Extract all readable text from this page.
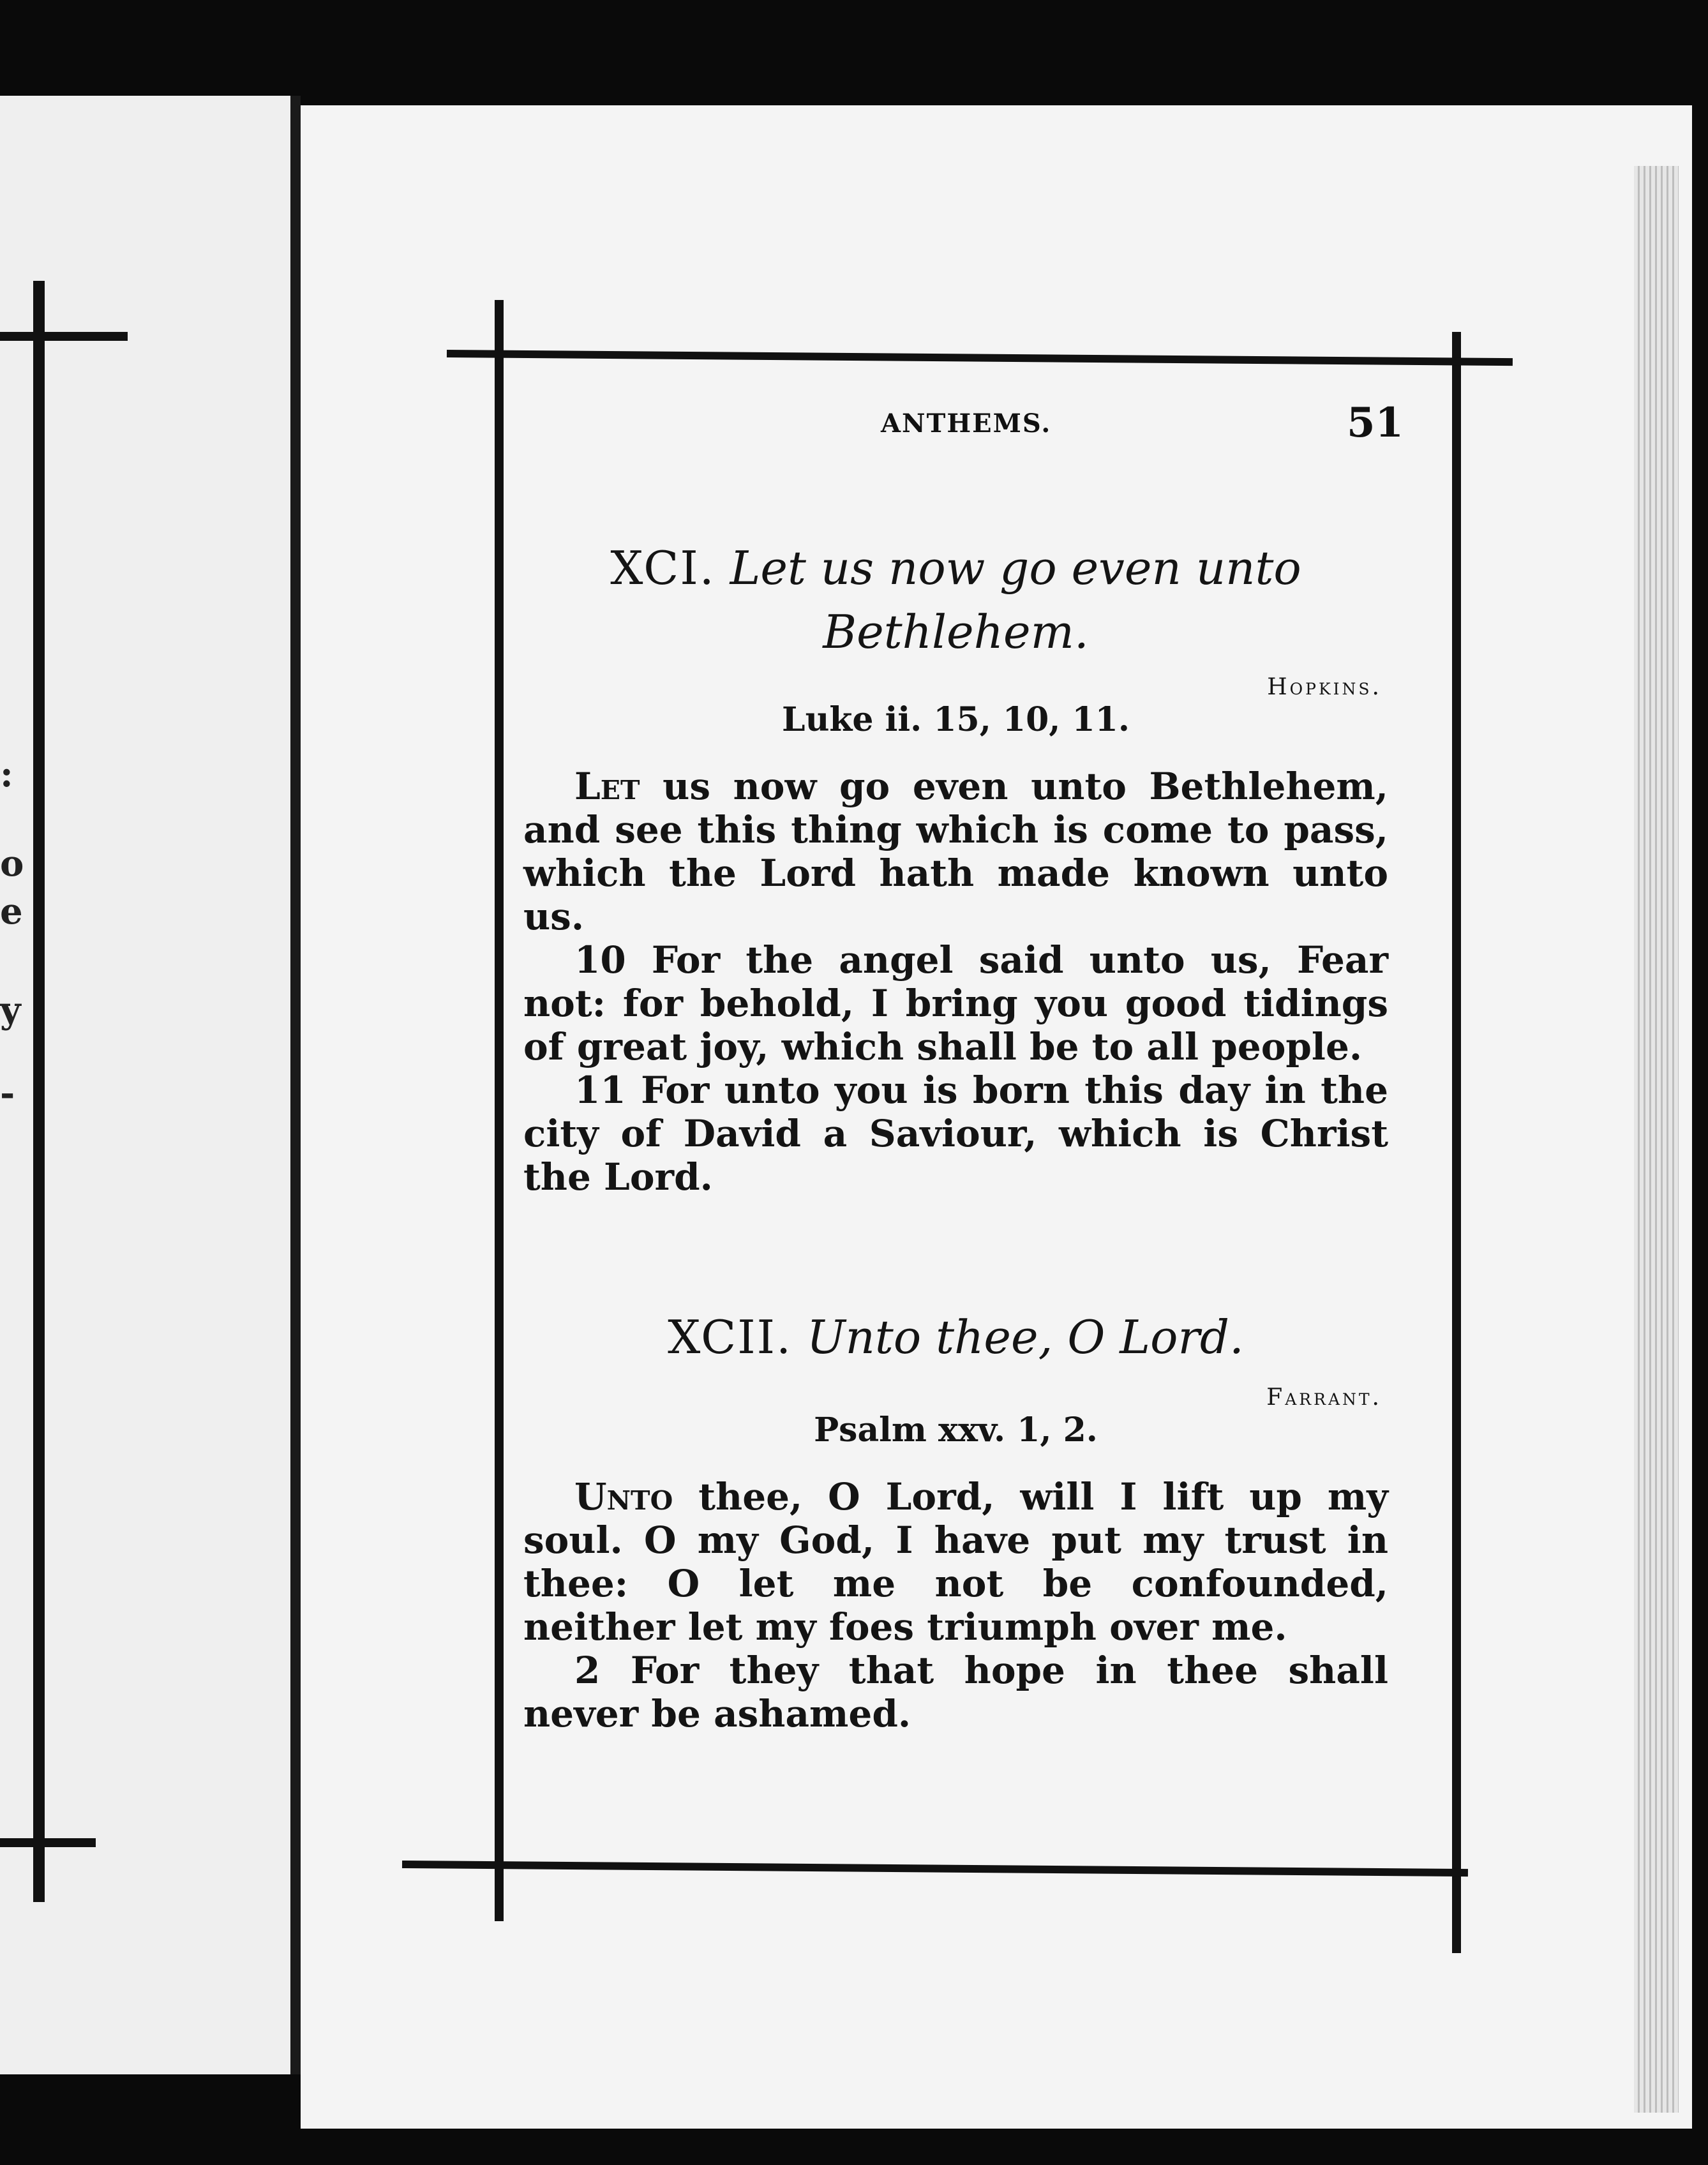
:
o
e
y
-
ANTHEMS.	51
XCI. Let us now go even unto
Bethlehem.
Hopkins.
Luke ii. 15, 10, 11.

Let us now go even unto Bethlehem, and see this thing which is come to pass, which the Lord hath made known unto us.

10 For the angel said unto us, Fear not: for behold, I bring you good tidings of great joy, which shall be to all people.

11 For unto you is born this day in the city of David a Saviour, which is Christ the Lord.

XCII. Unto thee, O Lord.
Farrant.
Psalm xxv. 1, 2.

Unto thee, O Lord, will I lift up my soul. O my God, I have put my trust in thee: O let me not be confounded, neither let my foes triumph over me.

2 For they that hope in thee shall never be ashamed.
